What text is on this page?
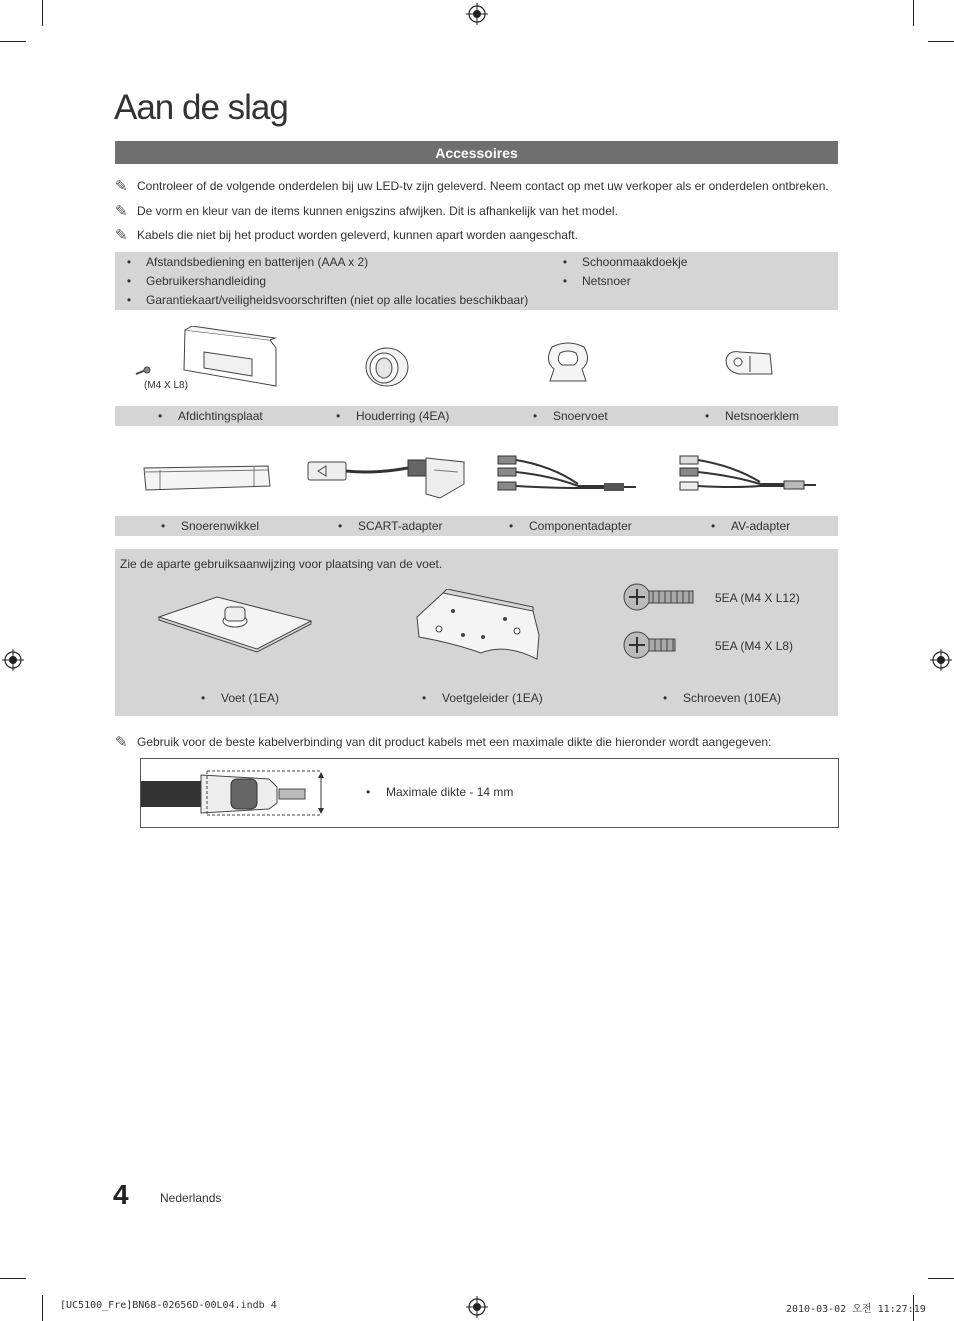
Aan de slag
Accessoires
✎ Controleer of de volgende onderdelen bij uw LED-tv zijn geleverd. Neem contact op met uw verkoper als er onderdelen ontbreken.
✎ De vorm en kleur van de items kunnen enigszins afwijken. Dit is afhankelijk van het model.
✎ Kabels die niet bij het product worden geleverd, kunnen apart worden aangeschaft.
• Afstandsbediening en batterijen (AAA x 2)
• Gebruikershandleiding
• Garantiekaart/veiligheidsvoorschriften (niet op alle locaties beschikbaar)
• Schoonmaakdoekje
• Netsnoer
(M4 X L8)
• Afdichtingsplaat	• Houderring (4EA)	• Snoervoet	• Netsnoerklem
• Snoerenwikkel	• SCART-adapter	• Componentadapter	• AV-adapter
Zie de aparte gebruiksaanwijzing voor plaatsing van de voet.
5EA (M4 X L12)
5EA (M4 X L8)
• Voet (1EA)	• Voetgeleider (1EA)	• Schroeven (10EA)
✎ Gebruik voor de beste kabelverbinding van dit product kabels met een maximale dikte die hieronder wordt aangegeven:
• Maximale dikte - 14 mm
4	Nederlands
[UC5100_Fre]BN68-02656D-00L04.indb 4	2010-03-02 오전 11:27:19
